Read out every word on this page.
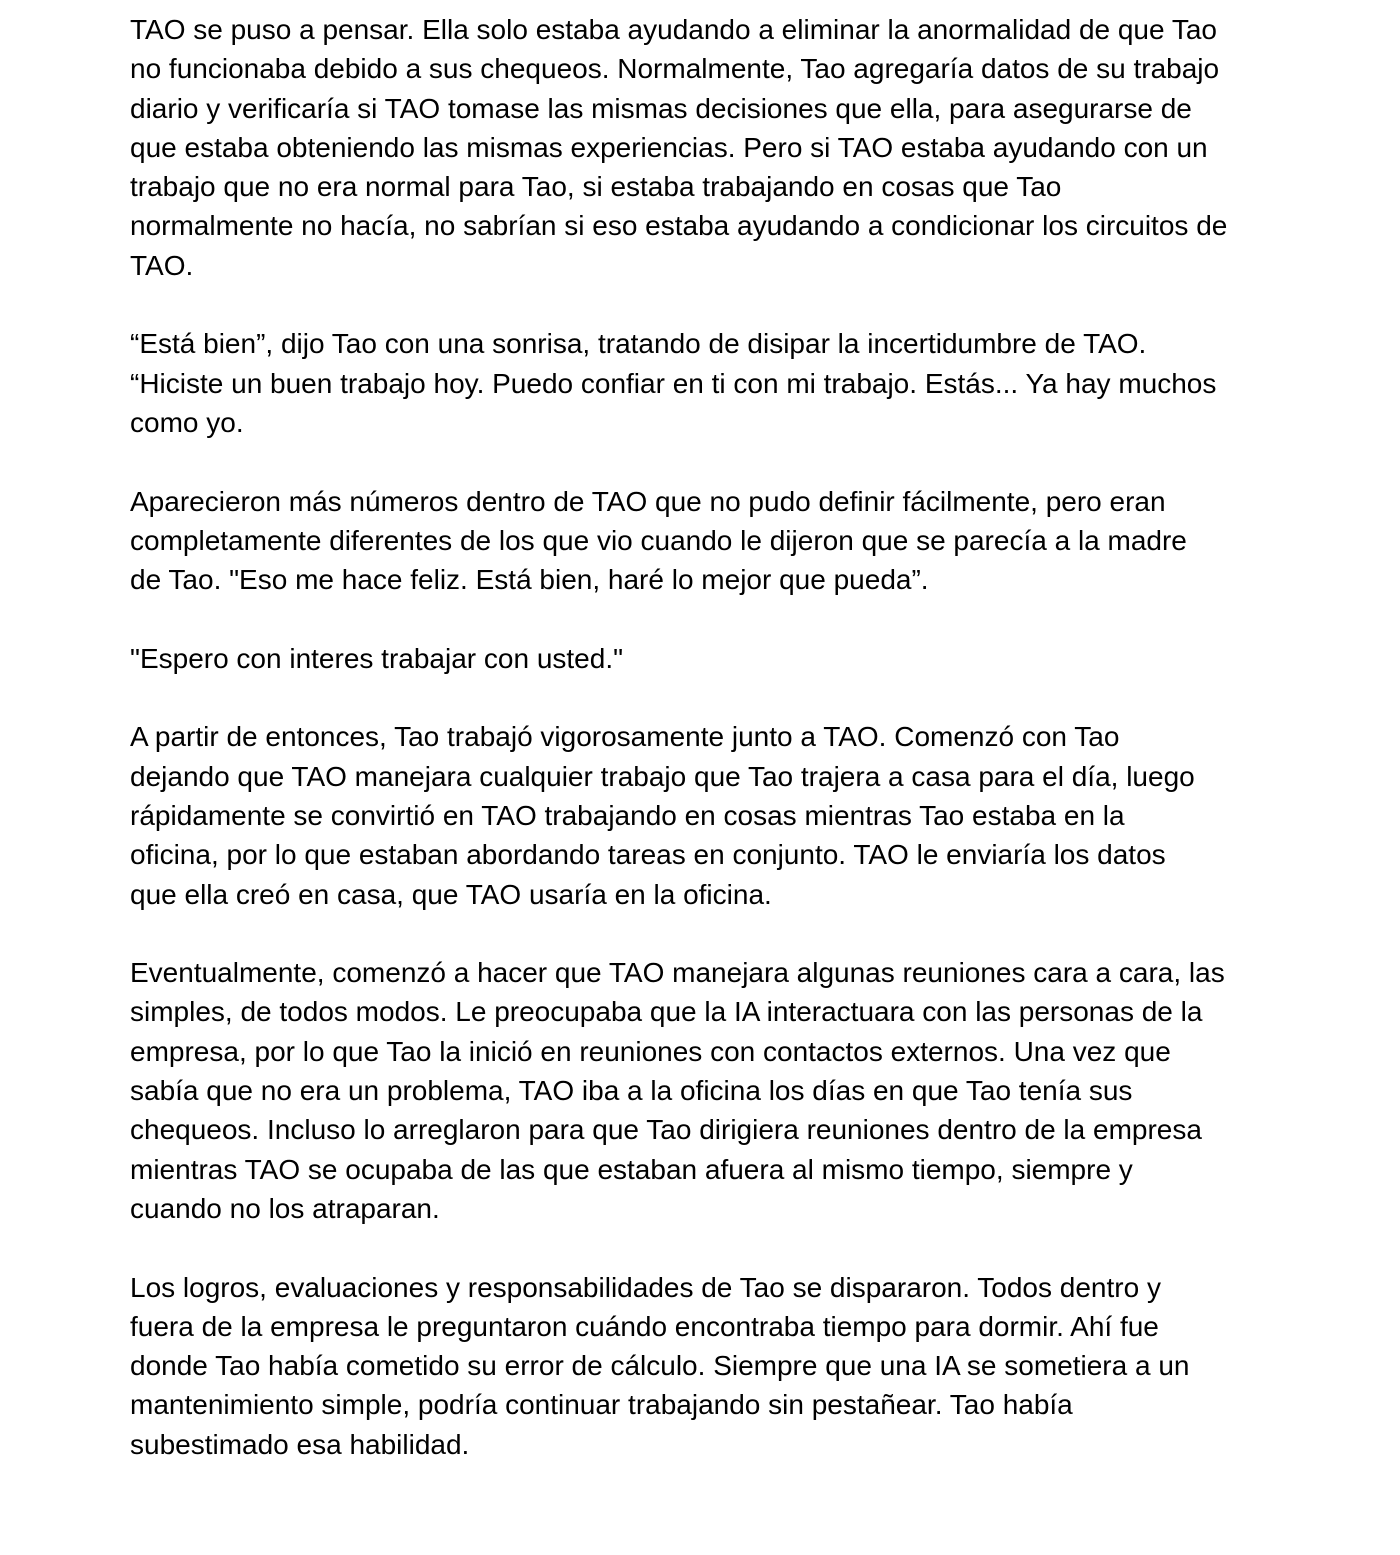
TAO se puso a pensar. Ella solo estaba ayudando a eliminar la anormalidad de que Tao
no funcionaba debido a sus chequeos. Normalmente, Tao agregaría datos de su trabajo
diario y verificaría si TAO tomase las mismas decisiones que ella, para asegurarse de
que estaba obteniendo las mismas experiencias. Pero si TAO estaba ayudando con un
trabajo que no era normal para Tao, si estaba trabajando en cosas que Tao
normalmente no hacía, no sabrían si eso estaba ayudando a condicionar los circuitos de
TAO.

“Está bien”, dijo Tao con una sonrisa, tratando de disipar la incertidumbre de TAO.
“Hiciste un buen trabajo hoy. Puedo confiar en ti con mi trabajo. Estás... Ya hay muchos
como yo.

Aparecieron más números dentro de TAO que no pudo definir fácilmente, pero eran
completamente diferentes de los que vio cuando le dijeron que se parecía a la madre
de Tao. "Eso me hace feliz. Está bien, haré lo mejor que pueda”.

"Espero con interes trabajar con usted."

A partir de entonces, Tao trabajó vigorosamente junto a TAO. Comenzó con Tao
dejando que TAO manejara cualquier trabajo que Tao trajera a casa para el día, luego
rápidamente se convirtió en TAO trabajando en cosas mientras Tao estaba en la
oficina, por lo que estaban abordando tareas en conjunto. TAO le enviaría los datos
que ella creó en casa, que TAO usaría en la oficina.

Eventualmente, comenzó a hacer que TAO manejara algunas reuniones cara a cara, las
simples, de todos modos. Le preocupaba que la IA interactuara con las personas de la
empresa, por lo que Tao la inició en reuniones con contactos externos. Una vez que
sabía que no era un problema, TAO iba a la oficina los días en que Tao tenía sus
chequeos. Incluso lo arreglaron para que Tao dirigiera reuniones dentro de la empresa
mientras TAO se ocupaba de las que estaban afuera al mismo tiempo, siempre y
cuando no los atraparan.

Los logros, evaluaciones y responsabilidades de Tao se dispararon. Todos dentro y
fuera de la empresa le preguntaron cuándo encontraba tiempo para dormir. Ahí fue
donde Tao había cometido su error de cálculo. Siempre que una IA se sometiera a un
mantenimiento simple, podría continuar trabajando sin pestañear. Tao había
subestimado esa habilidad.
